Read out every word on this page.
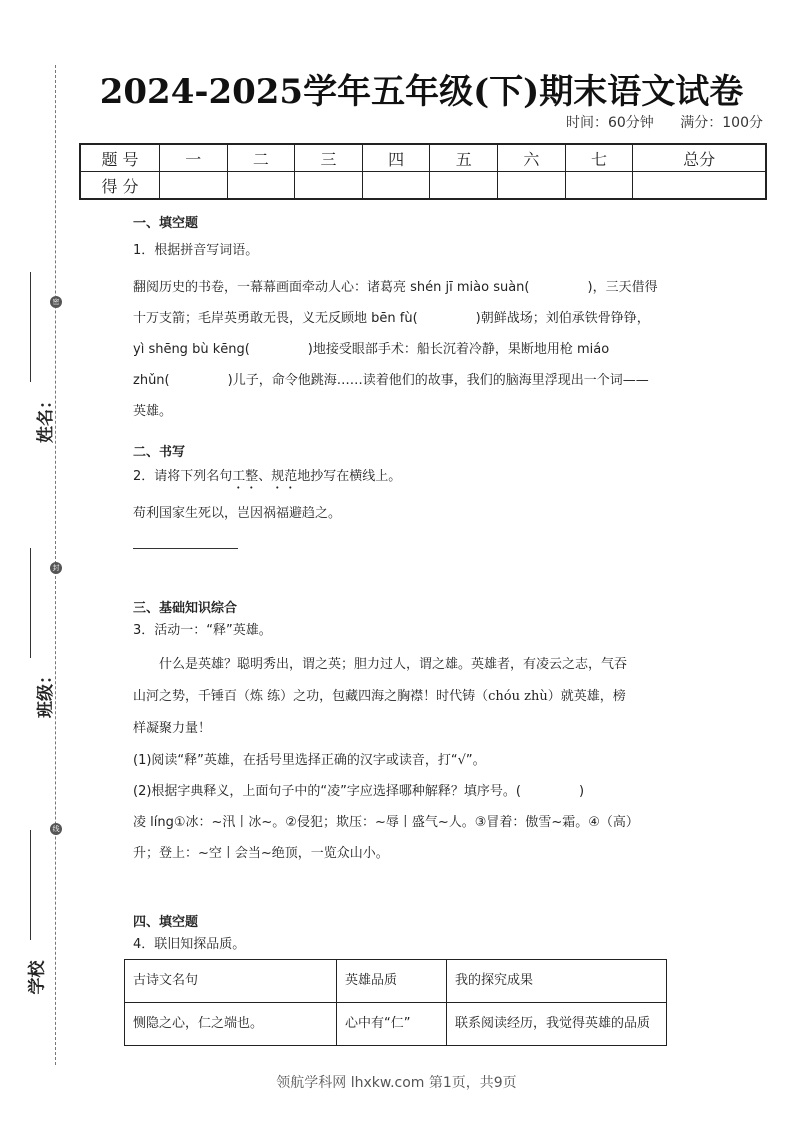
密
封
线
姓名：
班级：
学校
2024-2025学年五年级(下)期末语文试卷
时间：60分钟 满分：100分
题 号	一	二	三	四	五	六	七	总分
得 分								
一、填空题
1．根据拼音写词语。
翻阅历史的书卷，一幕幕画面牵动人心：诸葛亮 shén jī miào suàn(	)，三天借得
十万支箭；毛岸英勇敢无畏，义无反顾地 bēn fù(	)朝鲜战场；刘伯承铁骨铮铮，
yì shēng bù kēng(	)地接受眼部手术：船长沉着冷静，果断地用枪 miáo
zhǔn(	)儿子，命令他跳海……读着他们的故事，我们的脑海里浮现出一个词——
英雄。
二、书写
2．请将下列名句工整、规范地抄写在横线上。
苟利国家生死以，岂因祸福避趋之。
三、基础知识综合
3．活动一：“释”英雄。
什么是英雄？聪明秀出，谓之英；胆力过人，谓之雄。英雄者，有凌云之志，气吞
山河之势，千锤百（炼 练）之功，包藏四海之胸襟！时代铸（chóu zhù）就英雄，榜
样凝聚力量！
(1)阅读“释”英雄，在括号里选择正确的汉字或读音，打“√”。
(2)根据字典释义，上面句子中的“凌”字应选择哪种解释？填序号。(	)
凌 líng①冰：~汛丨冰~。②侵犯；欺压：~辱丨盛气~人。③冒着：傲雪~霜。④（高）
升；登上：~空丨会当~绝顶，一览众山小。
四、填空题
4．联旧知探品质。
古诗文名句	英雄品质	我的探究成果
恻隐之心，仁之端也。	心中有“仁”	联系阅读经历，我觉得英雄的品质
领航学科网 lhxkw.com 第1页，共9页
